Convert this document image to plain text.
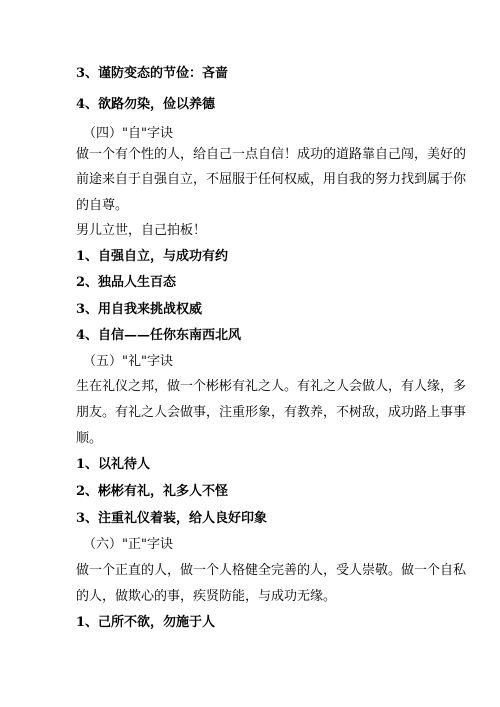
3、谨防变态的节俭：吝啬

4、欲路勿染，俭以养德

（四）"自"字诀

做一个有个性的人，给自己一点自信！成功的道路靠自己闯，美好的

前途来自于自强自立，不屈服于任何权威，用自我的努力找到属于你

的自尊。

男儿立世，自己拍板！

1、自强自立，与成功有约

2、独品人生百态

3、用自我来挑战权威

4、自信——任你东南西北风

（五）"礼"字诀

生在礼仪之邦，做一个彬彬有礼之人。有礼之人会做人，有人缘，多

朋友。有礼之人会做事，注重形象，有教养，不树敌，成功路上事事

顺。

1、以礼待人

2、彬彬有礼，礼多人不怪

3、注重礼仪着装，给人良好印象

（六）"正"字诀

做一个正直的人，做一个人格健全完善的人，受人崇敬。做一个自私

的人，做欺心的事，疾贤防能，与成功无缘。

1、己所不欲，勿施于人
